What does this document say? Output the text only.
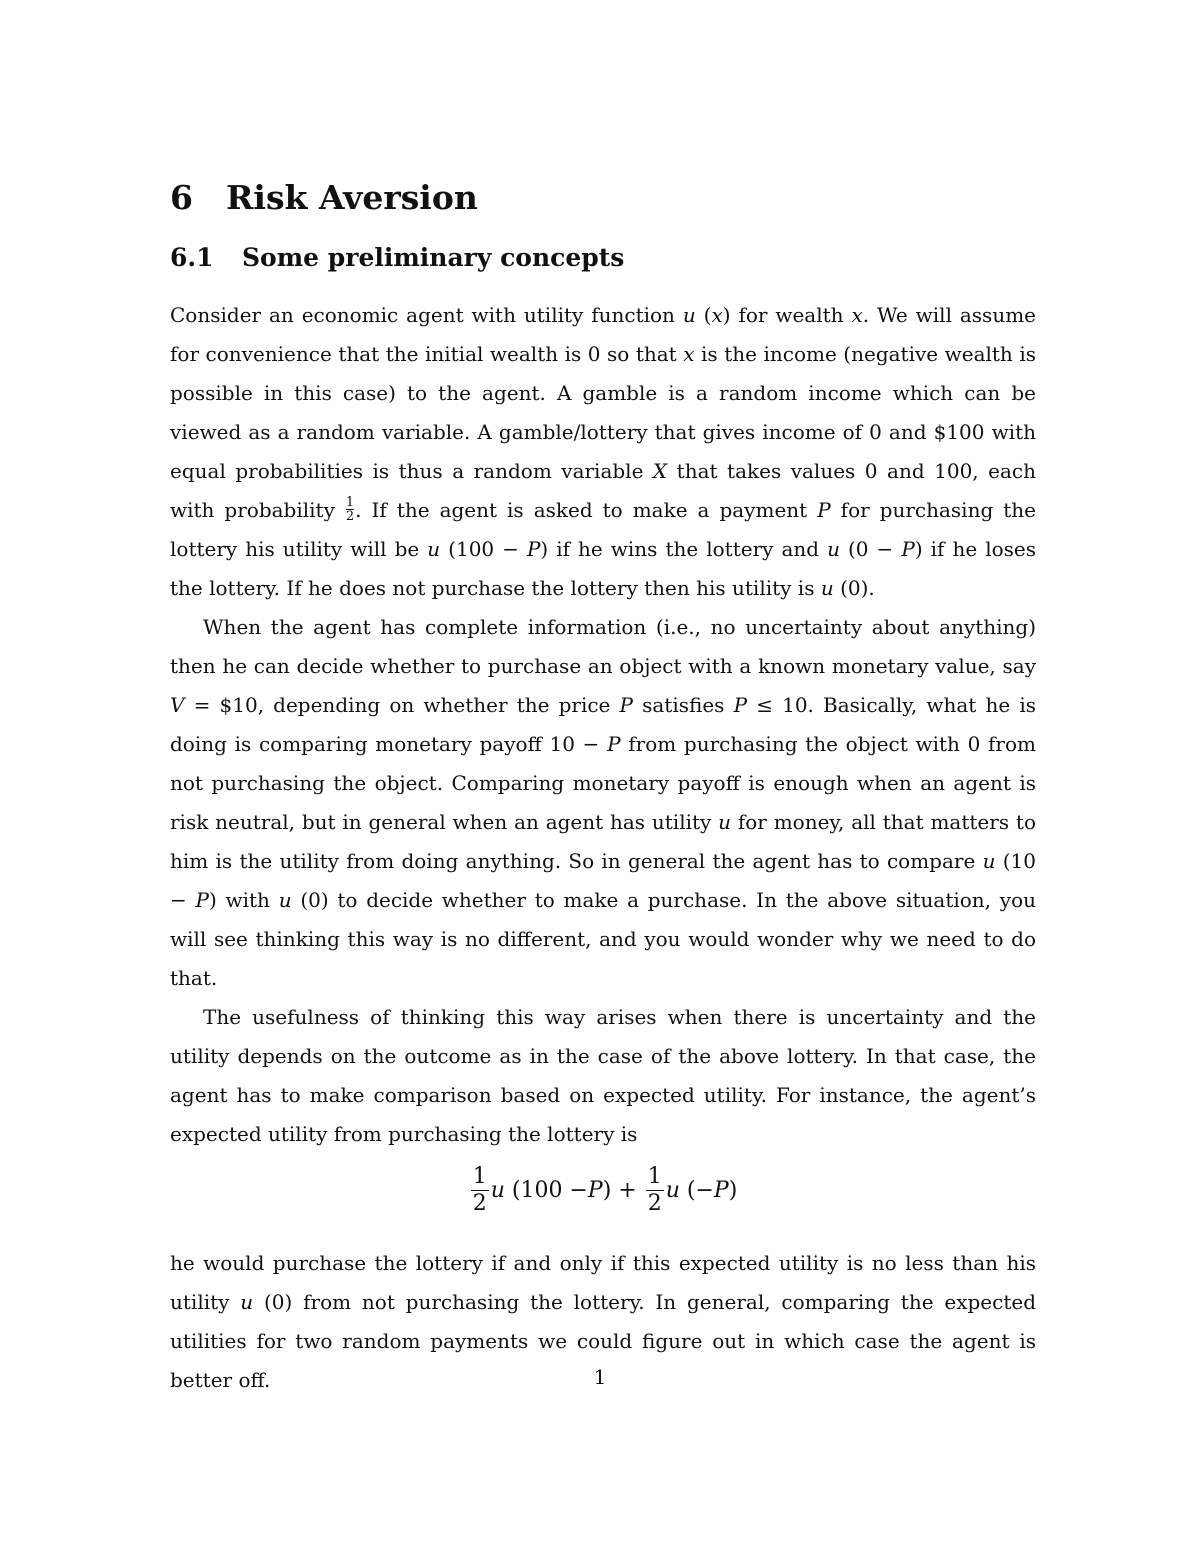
6 Risk Aversion
6.1 Some preliminary concepts

Consider an economic agent with utility function u (x) for wealth x. We will assume for convenience that the initial wealth is 0 so that x is the income (negative wealth is possible in this case) to the agent. A gamble is a random income which can be viewed as a random variable. A gamble/lottery that gives income of 0 and $100 with equal probabilities is thus a random variable X that takes values 0 and 100, each with probability $\frac{1}{2}$ . If the agent is asked to make a payment P for purchasing the lottery his utility will be u (100 − P) if he wins the lottery and u (0 − P) if he loses the lottery. If he does not purchase the lottery then his utility is u (0).

When the agent has complete information (i.e., no uncertainty about anything) then he can decide whether to purchase an object with a known monetary value, say V = $10, depending on whether the price P satisfies P ≤ 10. Basically, what he is doing is comparing monetary payoff 10 − P from purchasing the object with 0 from not purchasing the object. Comparing monetary payoff is enough when an agent is risk neutral, but in general when an agent has utility u for money, all that matters to him is the utility from doing anything. So in general the agent has to compare u (10 − P) with u (0) to decide whether to make a purchase. In the above situation, you will see thinking this way is no different, and you would wonder why we need to do that.

The usefulness of thinking this way arises when there is uncertainty and the utility depends on the outcome as in the case of the above lottery. In that case, the agent has to make comparison based on expected utility. For instance, the agent’s expected utility from purchasing the lottery is

$\frac{1}{2}$ u (100 − P ) + $\frac{1}{2}$ u (− P )

he would purchase the lottery if and only if this expected utility is no less than his utility u (0) from not purchasing the lottery. In general, comparing the expected utilities for two random payments we could figure out in which case the agent is better off.	1
